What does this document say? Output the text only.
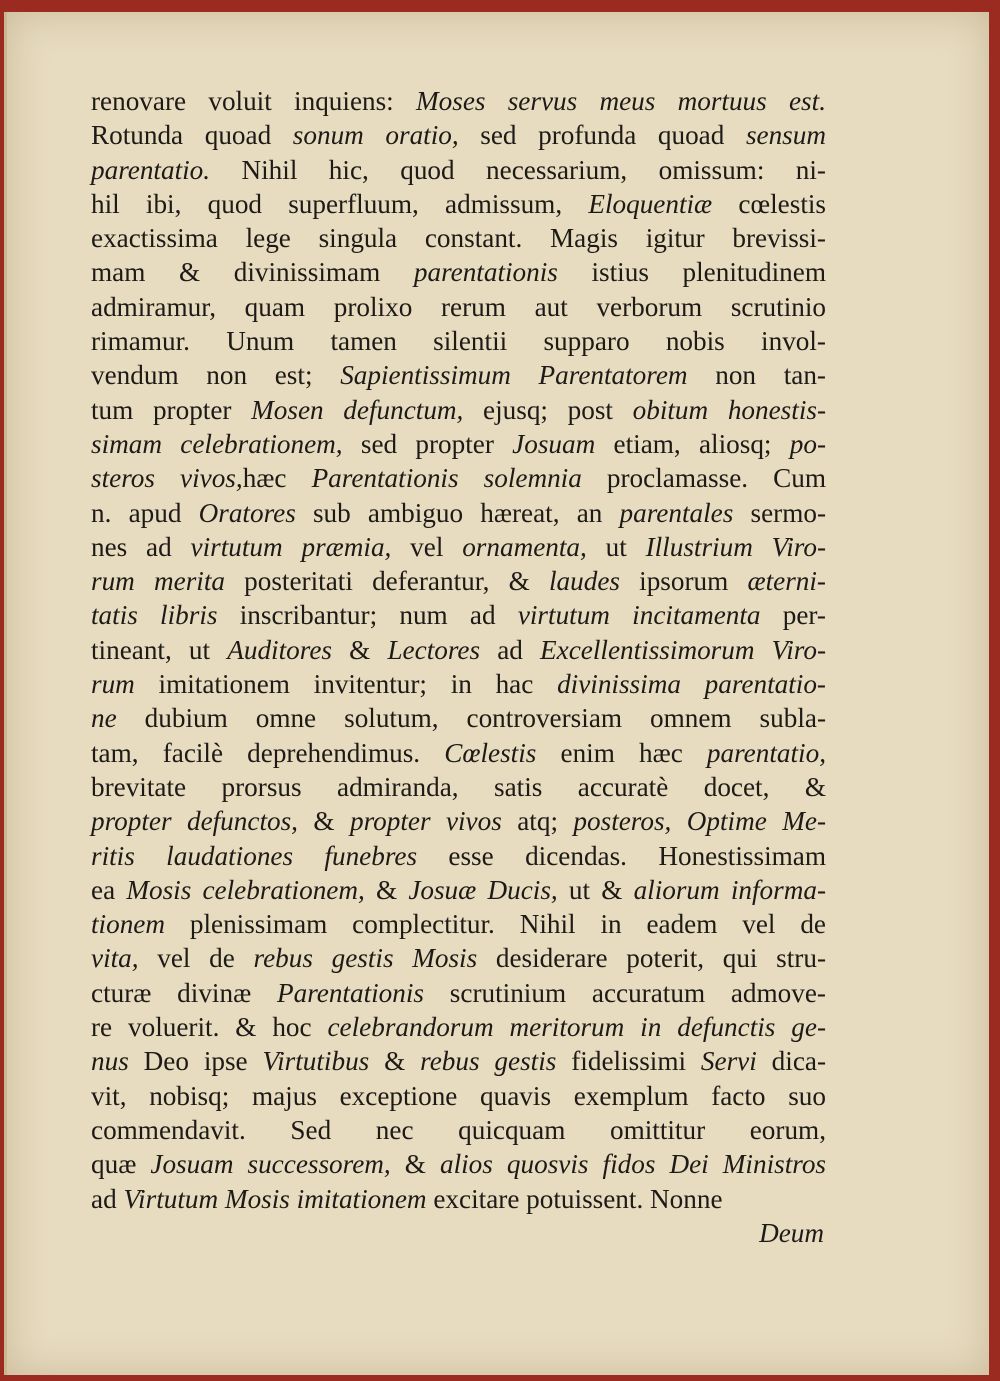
renovare voluit inquiens: Moses servus meus mortuus est.
Rotunda quoad sonum oratio, sed profunda quoad sensum
parentatio. Nihil hic, quod necessarium, omissum: ni-
hil ibi, quod superfluum, admissum, Eloquentiæ cœlestis
exactissima lege singula constant. Magis igitur brevissi-
mam & divinissimam parentationis istius plenitudinem
admiramur, quam prolixo rerum aut verborum scrutinio
rimamur. Unum tamen silentii supparo nobis invol-
vendum non est; Sapientissimum Parentatorem non tan-
tum propter Mosen defunctum, ejusq; post obitum honestis-
simam celebrationem, sed propter Josuam etiam, aliosq; po-
steros vivos,hæc Parentationis solemnia proclamasse. Cum
n. apud Oratores sub ambiguo hæreat, an parentales sermo-
nes ad virtutum præmia, vel ornamenta, ut Illustrium Viro-
rum merita posteritati deferantur, & laudes ipsorum æterni-
tatis libris inscribantur; num ad virtutum incitamenta per-
tineant, ut Auditores & Lectores ad Excellentissimorum Viro-
rum imitationem invitentur; in hac divinissima parentatio-
ne dubium omne solutum, controversiam omnem subla-
tam, facilè deprehendimus. Cœlestis enim hæc parentatio,
brevitate prorsus admiranda, satis accuratè docet, &
propter defunctos, & propter vivos atq; posteros, Optime Me-
ritis laudationes funebres esse dicendas. Honestissimam
ea Mosis celebrationem, & Josuæ Ducis, ut & aliorum informa-
tionem plenissimam complectitur. Nihil in eadem vel de
vita, vel de rebus gestis Mosis desiderare poterit, qui stru-
cturæ divinæ Parentationis scrutinium accuratum admove-
re voluerit. & hoc celebrandorum meritorum in defunctis ge-
nus Deo ipse Virtutibus & rebus gestis fidelissimi Servi dica-
vit, nobisq; majus exceptione quavis exemplum facto suo
commendavit. Sed nec quicquam omittitur eorum,
quæ Josuam successorem, & alios quosvis fidos Dei Ministros
ad Virtutum Mosis imitationem excitare potuissent. Nonne
Deum
